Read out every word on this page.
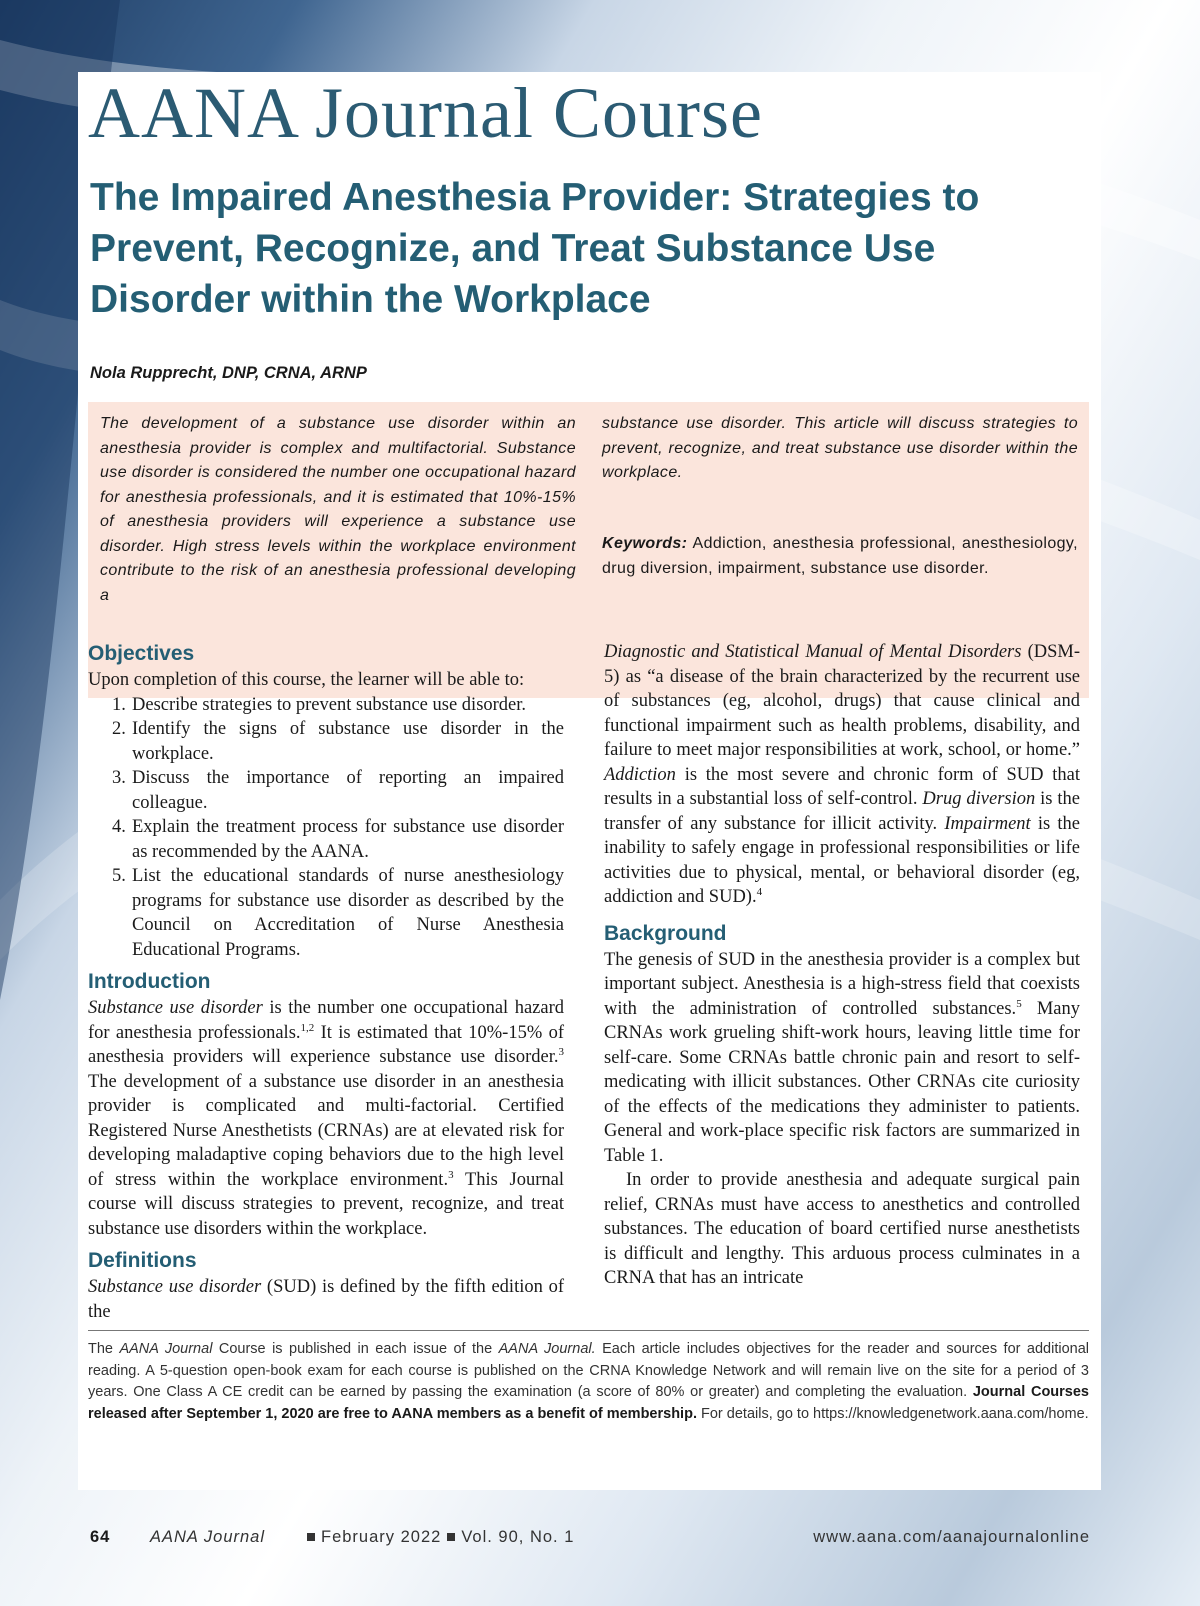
AANA Journal Course
The Impaired Anesthesia Provider: Strategies to Prevent, Recognize, and Treat Substance Use Disorder within the Workplace

Nola Rupprecht, DNP, CRNA, ARNP

The development of a substance use disorder within an anesthesia provider is complex and multifactorial. Substance use disorder is considered the number one occupational hazard for anesthesia professionals, and it is estimated that 10%-15% of anesthesia providers will experience a substance use disorder. High stress levels within the workplace environment contribute to the risk of an anesthesia professional developing a

substance use disorder. This article will discuss strategies to prevent, recognize, and treat substance use disorder within the workplace.

Keywords: Addiction, anesthesia professional, anesthesiology, drug diversion, impairment, substance use disorder.

Objectives

Upon completion of this course, the learner will be able to:

1. Describe strategies to prevent substance use disorder.
2. Identify the signs of substance use disorder in the workplace.
3. Discuss the importance of reporting an impaired colleague.
4. Explain the treatment process for substance use disorder as recommended by the AANA.
5. List the educational standards of nurse anesthesiology programs for substance use disorder as described by the Council on Accreditation of Nurse Anesthesia Educational Programs.
Introduction

Substance use disorder is the number one occupational hazard for anesthesia professionals.$^{1,2}$ It is estimated that 10%-15% of anesthesia providers will experience substance use disorder.$^3$ The development of a substance use disorder in an anesthesia provider is complicated and multi-factorial. Certified Registered Nurse Anesthetists (CRNAs) are at elevated risk for developing maladaptive coping behaviors due to the high level of stress within the workplace environment.$^3$ This Journal course will discuss strategies to prevent, recognize, and treat substance use disorders within the workplace.

Definitions

Substance use disorder (SUD) is defined by the fifth edition of the

Diagnostic and Statistical Manual of Mental Disorders (DSM-5) as “a disease of the brain characterized by the recurrent use of substances (eg, alcohol, drugs) that cause clinical and functional impairment such as health problems, disability, and failure to meet major responsibilities at work, school, or home.” Addiction is the most severe and chronic form of SUD that results in a substantial loss of self-control. Drug diversion is the transfer of any substance for illicit activity. Impairment is the inability to safely engage in professional responsibilities or life activities due to physical, mental, or behavioral disorder (eg, addiction and SUD).$^4$

Background

The genesis of SUD in the anesthesia provider is a complex but important subject. Anesthesia is a high-stress field that coexists with the administration of controlled substances.$^5$ Many CRNAs work grueling shift-work hours, leaving little time for self-care. Some CRNAs battle chronic pain and resort to self-medicating with illicit substances. Other CRNAs cite curiosity of the effects of the medications they administer to patients. General and work-place specific risk factors are summarized in Table 1.

In order to provide anesthesia and adequate surgical pain relief, CRNAs must have access to anesthetics and controlled substances. The education of board certified nurse anesthetists is difficult and lengthy. This arduous process culminates in a CRNA that has an intricate

The AANA Journal Course is published in each issue of the AANA Journal. Each article includes objectives for the reader and sources for additional reading. A 5-question open-book exam for each course is published on the CRNA Knowledge Network and will remain live on the site for a period of 3 years. One Class A CE credit can be earned by passing the examination (a score of 80% or greater) and completing the evaluation. Journal Courses released after September 1, 2020 are free to AANA members as a benefit of membership. For details, go to https://knowledgenetwork.aana.com/home.

64 AANA Journal	February 2022 Vol. 90, No. 1	www.aana.com/aanajournalonline
